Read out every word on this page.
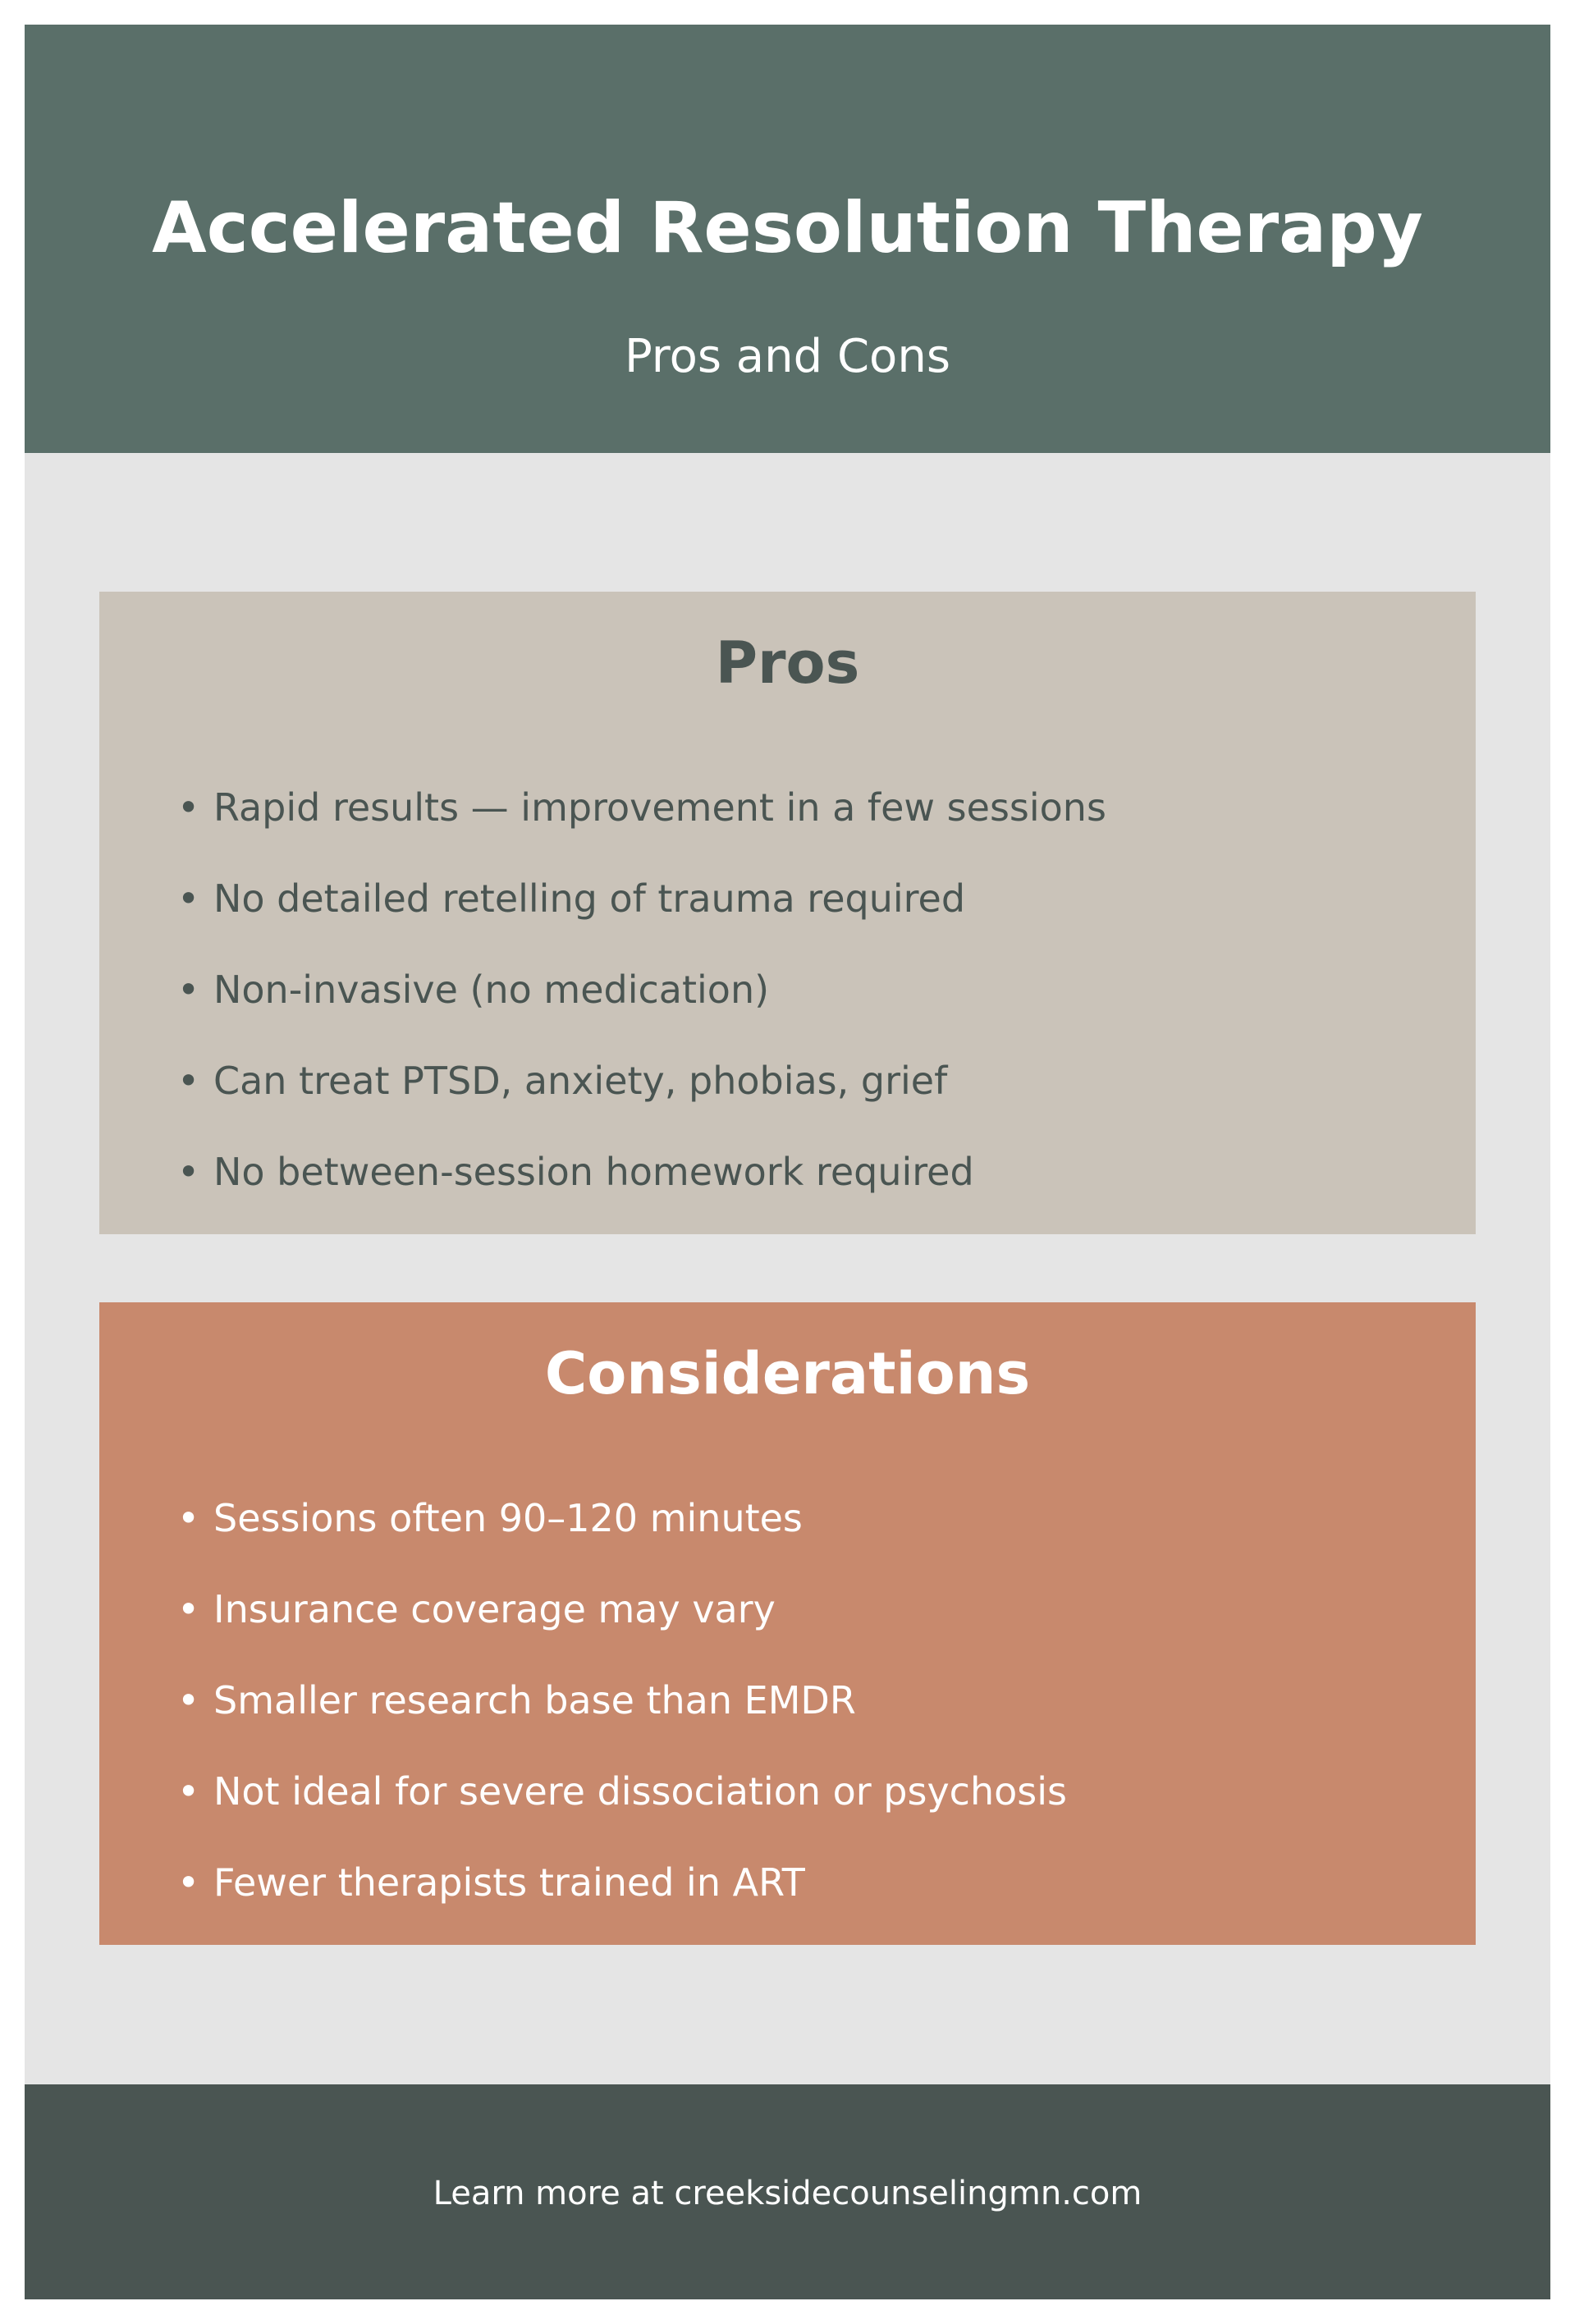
Accelerated Resolution Therapy
Pros and Cons
Pros
• Rapid results — improvement in a few sessions
• No detailed retelling of trauma required
• Non-invasive (no medication)
• Can treat PTSD, anxiety, phobias, grief
• No between-session homework required
Considerations
• Sessions often 90–120 minutes
• Insurance coverage may vary
• Smaller research base than EMDR
• Not ideal for severe dissociation or psychosis
• Fewer therapists trained in ART
Learn more at creeksidecounselingmn.com
